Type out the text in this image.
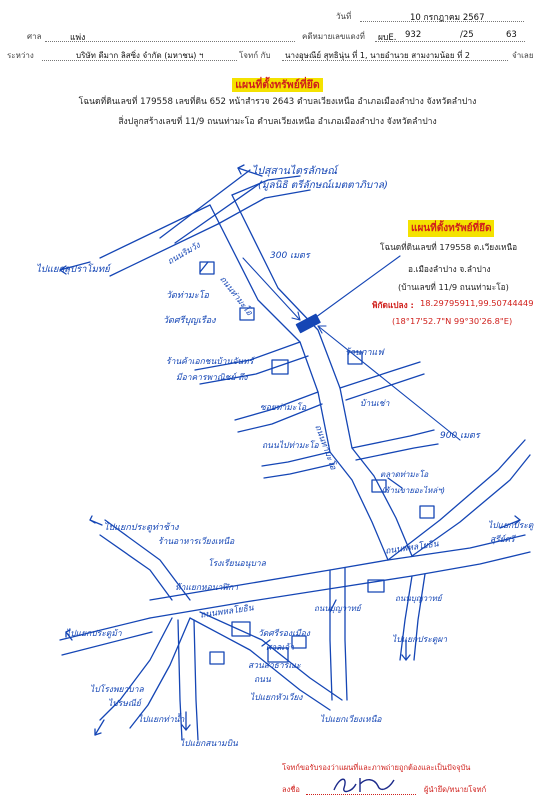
วันที่	10 กรกฎาคม 2567
ศาล	แพ่ง	คดีหมายเลขแดงที่ ผบE. 932	/25	63
ระหว่าง	บริษัท ดีมาก ลิสซิ่ง จำกัด (มหาชน) ฯ	โจทก์ กับ นางอุษณีย์ สุทธินุ่น ที่ 1, นายอำนวย สามงามน้อย ที่ 2	จำเลย
แผนที่ตั้งทรัพย์ที่ยึด
โฉนดที่ดินเลขที่ 179558 เลขที่ดิน 652 หน้าสำรวจ 2643 ตำบลเวียงเหนือ อำเภอเมืองลำปาง จังหวัดลำปาง
สิ่งปลูกสร้างเลขที่ 11/9 ถนนท่ามะโอ ตำบลเวียงเหนือ อำเภอเมืองลำปาง จังหวัดลำปาง
ไปสุสานไตรลักษณ์
(มูลนิธิ ตรีลักษณ์เมตตาภิบาล)
300 เมตร
ไปแยกสุปราโมทย์
ถนนริมวัง
ถนนท่ามะโอ
วัดท่ามะโอ
วัดศรีบุญเรือง
ร้านค้าเอกชนบ้านจันทร์
มีอาคารพาณิชย์ ถึง
ร้านกาแฟ
ซอยท่ามะโอ	บ้านเช่า
ถนนไปท่ามะโอ
ถนนท่ามะโอ	900 เมตร
ตลาดท่ามะโอ
(ร้านขายอะไหล่ฯ)
ไปแยกประตู
สุรีย์ศรี
ถนนพหลโยธิน
ไปแยกประตูท่าช้าง
ร้านอาหารเวียงเหนือ
โรงเรียนอนุบาล
ห้าแยกหอนาฬิกา
ถนนพหลโยธิน
ไปแยกประตูม้า
ถนนบุญวาทย์
ถนนบุญวาทย์
วัดศรีรองเมือง
ศาลเจ้า
สวนสาธารณะ
ถนน
ไปโรงพยาบาล
ไปรษณีย์
ไปแยกท่าน้ำ
ไปแยกหัวเวียง
ไปแยกสนามบิน
ไปแยกประตูผา
ไปแยกเวียงเหนือ
แผนที่ตั้งทรัพย์ที่ยึด
โฉนดที่ดินเลขที่ 179558 ต.เวียงเหนือ
อ.เมืองลำปาง จ.ลำปาง
(บ้านเลขที่ 11/9 ถนนท่ามะโอ)
พิกัดแปลง : 18.29795911,99.50744449
(18°17'52.7"N 99°30'26.8"E)
โจทก์ขอรับรองว่าแผนที่และภาพถ่ายถูกต้องและเป็นปัจจุบัน
ลงชื่อ	ผู้นำยึด/ทนายโจทก์
